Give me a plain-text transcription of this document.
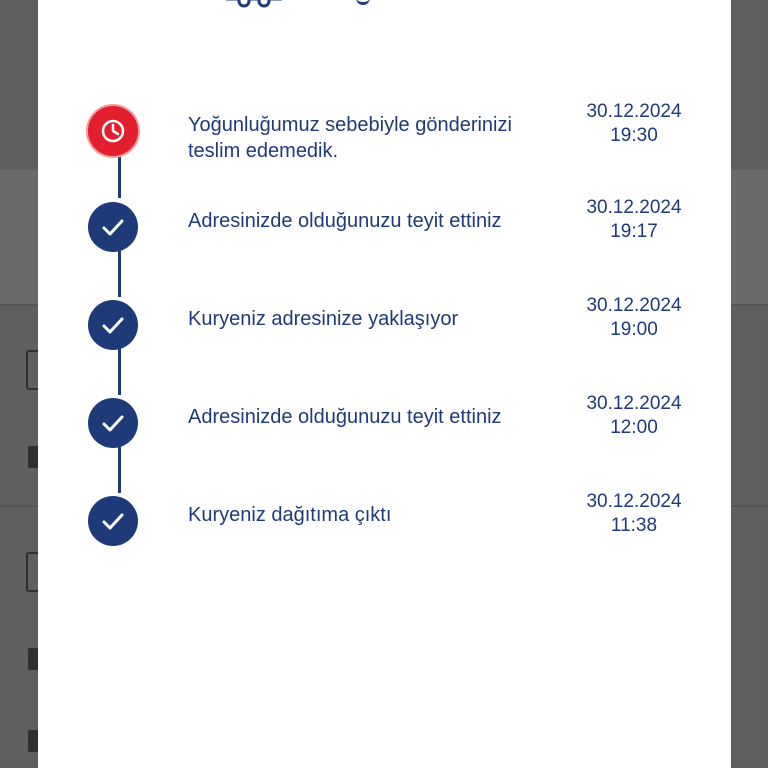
Yoğunluğumuz sebebiyle gönderinizi teslim edemedik.
30.12.2024
19:30
Adresinizde olduğunuzu teyit ettiniz
30.12.2024
19:17
Kuryeniz adresinize yaklaşıyor
30.12.2024
19:00
Adresinizde olduğunuzu teyit ettiniz
30.12.2024
12:00
Kuryeniz dağıtıma çıktı
30.12.2024
11:38
